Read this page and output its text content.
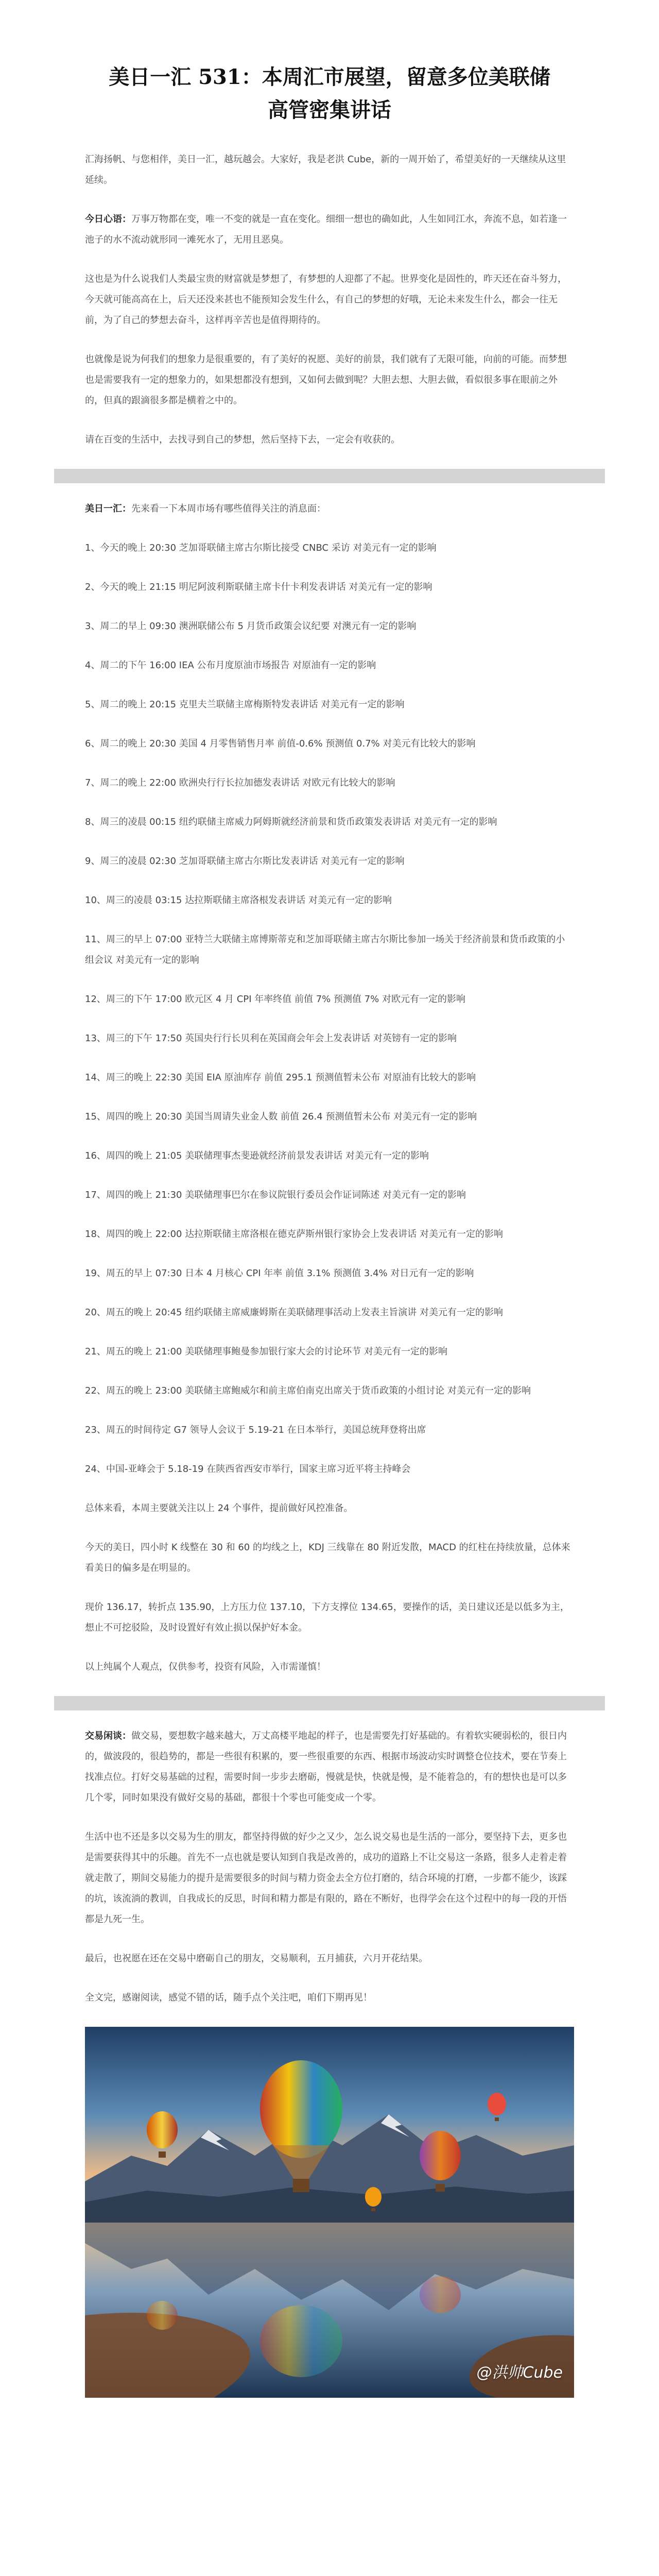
美日一汇 531：本周汇市展望，留意多位美联储高管密集讲话

汇海扬帆、与您相伴，美日一汇，越玩越会。大家好，我是老洪 Cube，新的一周开始了，希望美好的一天继续从这里延续。

今日心语：万事万物都在变，唯一不变的就是一直在变化。细细一想也的确如此，人生如同江水，奔流不息，如若逢一池子的水不流动就形同一滩死水了，无用且恶臭。

这也是为什么说我们人类最宝贵的财富就是梦想了，有梦想的人迎都了不起。世界变化是固性的，昨天还在奋斗努力，今天就可能高高在上，后天还没来甚也不能预知会发生什么，有自己的梦想的好哦，无论未来发生什么，都会一往无前，为了自己的梦想去奋斗，这样再辛苦也是值得期待的。

也就像是说为何我们的想象力是很重要的，有了美好的祝愿、美好的前景，我们就有了无限可能，向前的可能。而梦想也是需要我有一定的想象力的，如果想都没有想到，又如何去做到呢？大胆去想、大胆去做，看似很多事在眼前之外的，但真的跟滴很多都是横着之中的。

请在百变的生活中，去找寻到自己的梦想，然后坚持下去，一定会有收获的。

美日一汇：先来看一下本周市场有哪些值得关注的消息面：

1、今天的晚上 20:30 芝加哥联储主席古尔斯比接受 CNBC 采访 对美元有一定的影响

2、今天的晚上 21:15 明尼阿波利斯联储主席卡什卡利发表讲话 对美元有一定的影响

3、周二的早上 09:30 澳洲联储公布 5 月货币政策会议纪要 对澳元有一定的影响

4、周二的下午 16:00 IEA 公布月度原油市场报告 对原油有一定的影响

5、周二的晚上 20:15 克里夫兰联储主席梅斯特发表讲话 对美元有一定的影响

6、周二的晚上 20:30 美国 4 月零售销售月率 前值-0.6% 预测值 0.7% 对美元有比较大的影响

7、周二的晚上 22:00 欧洲央行行长拉加德发表讲话 对欧元有比较大的影响

8、周三的凌晨 00:15 纽约联储主席威力阿姆斯就经济前景和货币政策发表讲话 对美元有一定的影响

9、周三的凌晨 02:30 芝加哥联储主席古尔斯比发表讲话 对美元有一定的影响

10、周三的凌晨 03:15 达拉斯联储主席洛根发表讲话 对美元有一定的影响

11、周三的早上 07:00 亚特兰大联储主席博斯蒂克和芝加哥联储主席古尔斯比参加一场关于经济前景和货币政策的小组会议 对美元有一定的影响

12、周三的下午 17:00 欧元区 4 月 CPI 年率终值 前值 7% 预测值 7% 对欧元有一定的影响

13、周三的下午 17:50 英国央行行长贝利在英国商会年会上发表讲话 对英镑有一定的影响

14、周三的晚上 22:30 美国 EIA 原油库存 前值 295.1 预测值暂未公布 对原油有比较大的影响

15、周四的晚上 20:30 美国当周请失业金人数 前值 26.4 预测值暂未公布 对美元有一定的影响

16、周四的晚上 21:05 美联储理事杰斐逊就经济前景发表讲话 对美元有一定的影响

17、周四的晚上 21:30 美联储理事巴尔在参议院银行委员会作证词陈述 对美元有一定的影响

18、周四的晚上 22:00 达拉斯联储主席洛根在德克萨斯州银行家协会上发表讲话 对美元有一定的影响

19、周五的早上 07:30 日本 4 月核心 CPI 年率 前值 3.1% 预测值 3.4% 对日元有一定的影响

20、周五的晚上 20:45 纽约联储主席威廉姆斯在美联储理事活动上发表主旨演讲 对美元有一定的影响

21、周五的晚上 21:00 美联储理事鲍曼参加银行家大会的讨论环节 对美元有一定的影响

22、周五的晚上 23:00 美联储主席鲍威尔和前主席伯南克出席关于货币政策的小组讨论 对美元有一定的影响

23、周五的时间待定 G7 领导人会议于 5.19-21 在日本举行，美国总统拜登将出席

24、中国-亚峰会于 5.18-19 在陕西省西安市举行，国家主席习近平将主持峰会

总体来看，本周主要就关注以上 24 个事件，提前做好风控准备。

今天的美日，四小时 K 线整在 30 和 60 的均线之上，KDJ 三线靠在 80 附近发散，MACD 的红柱在持续放量，总体来看美日的偏多是在明显的。

现价 136.17，转折点 135.90，上方压力位 137.10，下方支撑位 134.65，要操作的话，美日建议还是以低多为主，想止不可挖驳险，及时设置好有效止损以保护好本金。

以上纯属个人观点，仅供参考，投资有风险，入市需谨慎！

交易闲谈：做交易，要想数字越来越大，万丈高楼平地起的样子，也是需要先打好基础的。有着软实硬弱松的，很日内的，做波段的，很趋势的，都是一些很有积累的，要一些很重要的东西、根据市场波动实时调整仓位技术，要在节奏上找准点位。打好交易基础的过程，需要时间一步步去磨砺，慢就是快，快就是慢，是不能着急的，有的想快也是可以多几个零，同时如果没有做好交易的基础，都很十个零也可能变成一个零。

生活中也不还是多以交易为生的朋友，都坚持得做的好少之又少，怎么说交易也是生活的一部分，要坚持下去，更多也是需要获得其中的乐趣。首先不一点也就是要认知到自我是改善的，成功的道路上不让交易这一条路，很多人走着走着就走散了，期间交易能力的提升是需要很多的时间与精力资金去全方位打磨的，结合环境的打磨，一步都不能少，该踩的坑，该流淌的教训，自我成长的反思，时间和精力都是有限的，路在不断好，也得学会在这个过程中的每一段的开悟都是九死一生。

最后，也祝愿在还在交易中磨砺自己的朋友，交易顺利，五月捕获，六月开花结果。

全文完，感谢阅读，感觉不错的话，随手点个关注吧，咱们下期再见！

@洪帅Cube
